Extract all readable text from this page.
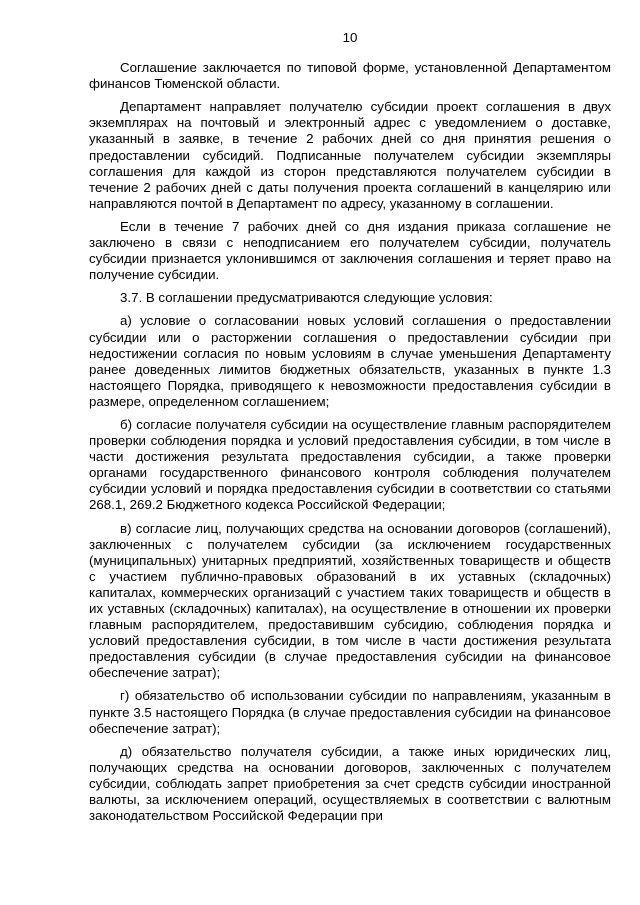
10

Соглашение заключается по типовой форме, установленной Департаментом финансов Тюменской области.

Департамент направляет получателю субсидии проект соглашения в двух экземплярах на почтовый и электронный адрес с уведомлением о доставке, указанный в заявке, в течение 2 рабочих дней со дня принятия решения о предоставлении субсидий. Подписанные получателем субсидии экземпляры соглашения для каждой из сторон представляются получателем субсидии в течение 2 рабочих дней с даты получения проекта соглашений в канцелярию или направляются почтой в Департамент по адресу, указанному в соглашении.

Если в течение 7 рабочих дней со дня издания приказа соглашение не заключено в связи с неподписанием его получателем субсидии, получатель субсидии признается уклонившимся от заключения соглашения и теряет право на получение субсидии.

3.7. В соглашении предусматриваются следующие условия:

а) условие о согласовании новых условий соглашения о предоставлении субсидии или о расторжении соглашения о предоставлении субсидии при недостижении согласия по новым условиям в случае уменьшения Департаменту ранее доведенных лимитов бюджетных обязательств, указанных в пункте 1.3 настоящего Порядка, приводящего к невозможности предоставления субсидии в размере, определенном соглашением;

б) согласие получателя субсидии на осуществление главным распорядителем проверки соблюдения порядка и условий предоставления субсидии, в том числе в части достижения результата предоставления субсидии, а также проверки органами государственного финансового контроля соблюдения получателем субсидии условий и порядка предоставления субсидии в соответствии со статьями 268.1, 269.2 Бюджетного кодекса Российской Федерации;

в) согласие лиц, получающих средства на основании договоров (соглашений), заключенных с получателем субсидии (за исключением государственных (муниципальных) унитарных предприятий, хозяйственных товариществ и обществ с участием публично-правовых образований в их уставных (складочных) капиталах, коммерческих организаций с участием таких товариществ и обществ в их уставных (складочных) капиталах), на осуществление в отношении их проверки главным распорядителем, предоставившим субсидию, соблюдения порядка и условий предоставления субсидии, в том числе в части достижения результата предоставления субсидии (в случае предоставления субсидии на финансовое обеспечение затрат);

г) обязательство об использовании субсидии по направлениям, указанным в пункте 3.5 настоящего Порядка (в случае предоставления субсидии на финансовое обеспечение затрат);

д) обязательство получателя субсидии, а также иных юридических лиц, получающих средства на основании договоров, заключенных с получателем субсидии, соблюдать запрет приобретения за счет средств субсидии иностранной валюты, за исключением операций, осуществляемых в соответствии с валютным законодательством Российской Федерации при
